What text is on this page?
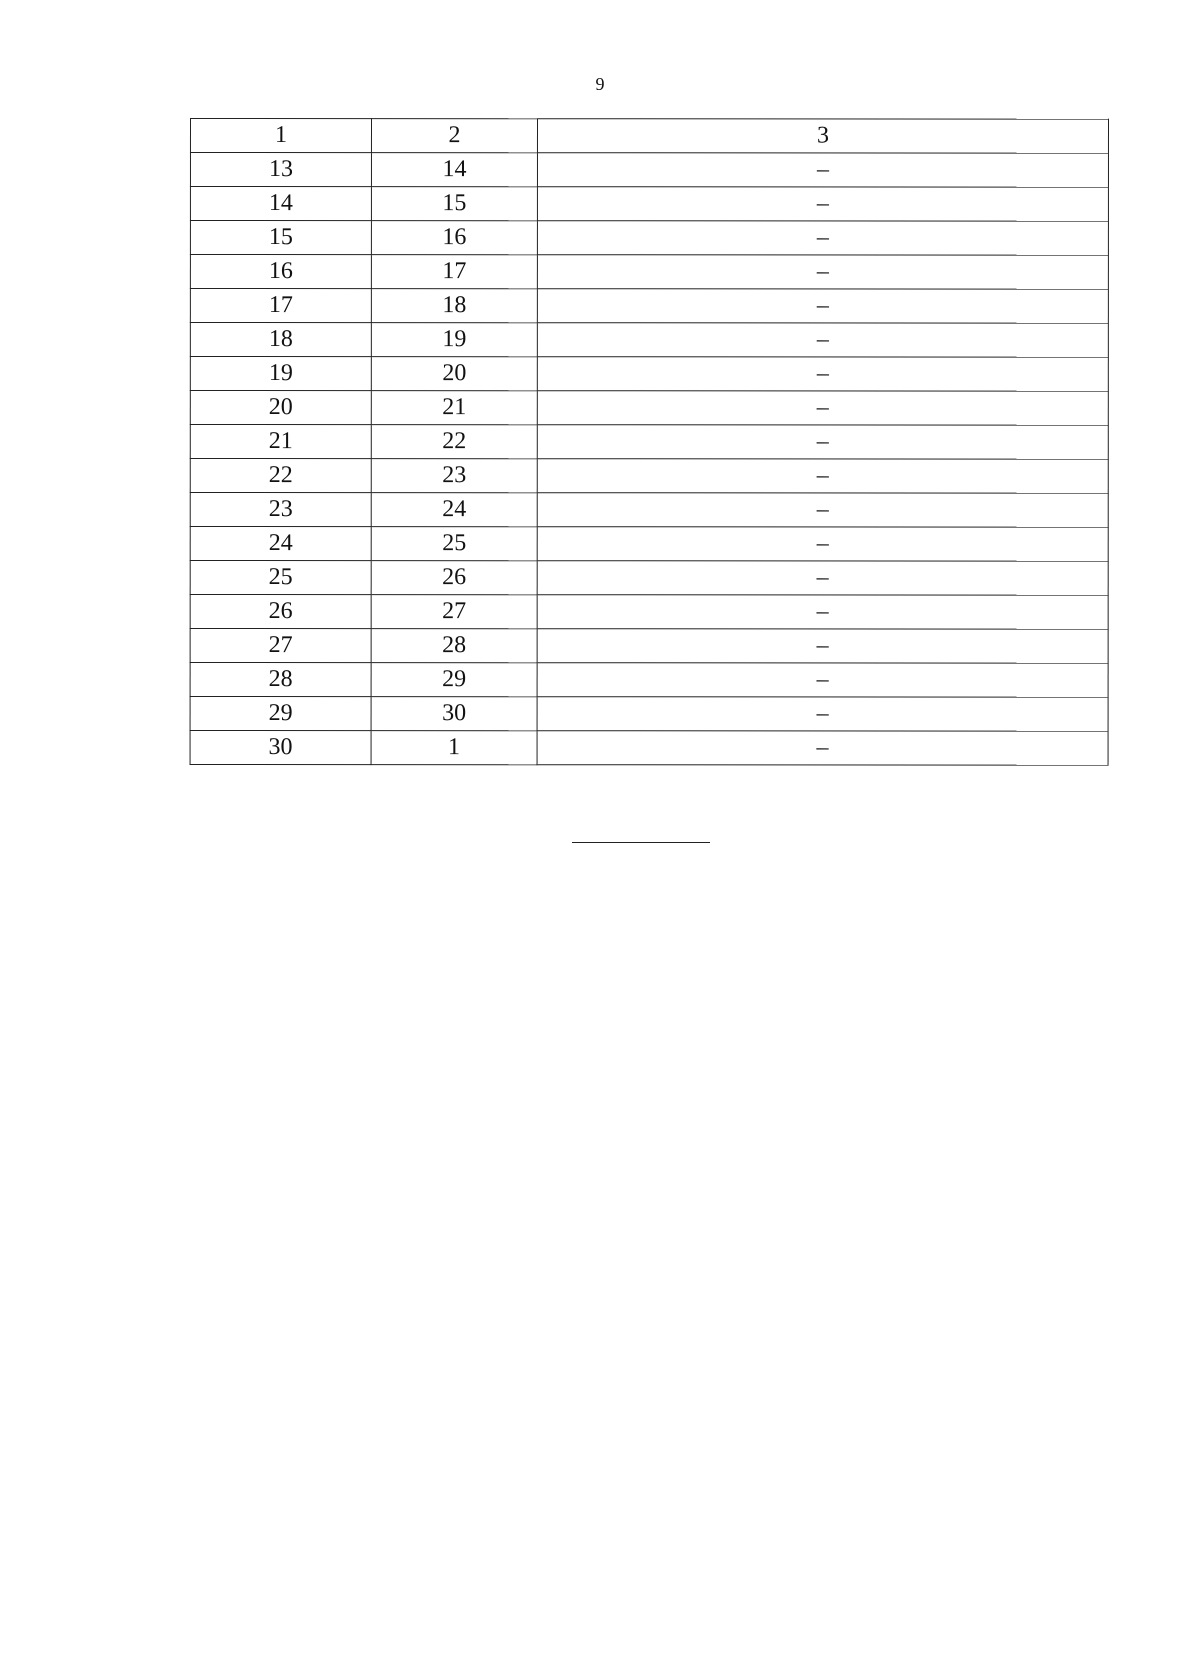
9
1	2	3
13	14	–
14	15	–
15	16	–
16	17	–
17	18	–
18	19	–
19	20	–
20	21	–
21	22	–
22	23	–
23	24	–
24	25	–
25	26	–
26	27	–
27	28	–
28	29	–
29	30	–
30	1	–
